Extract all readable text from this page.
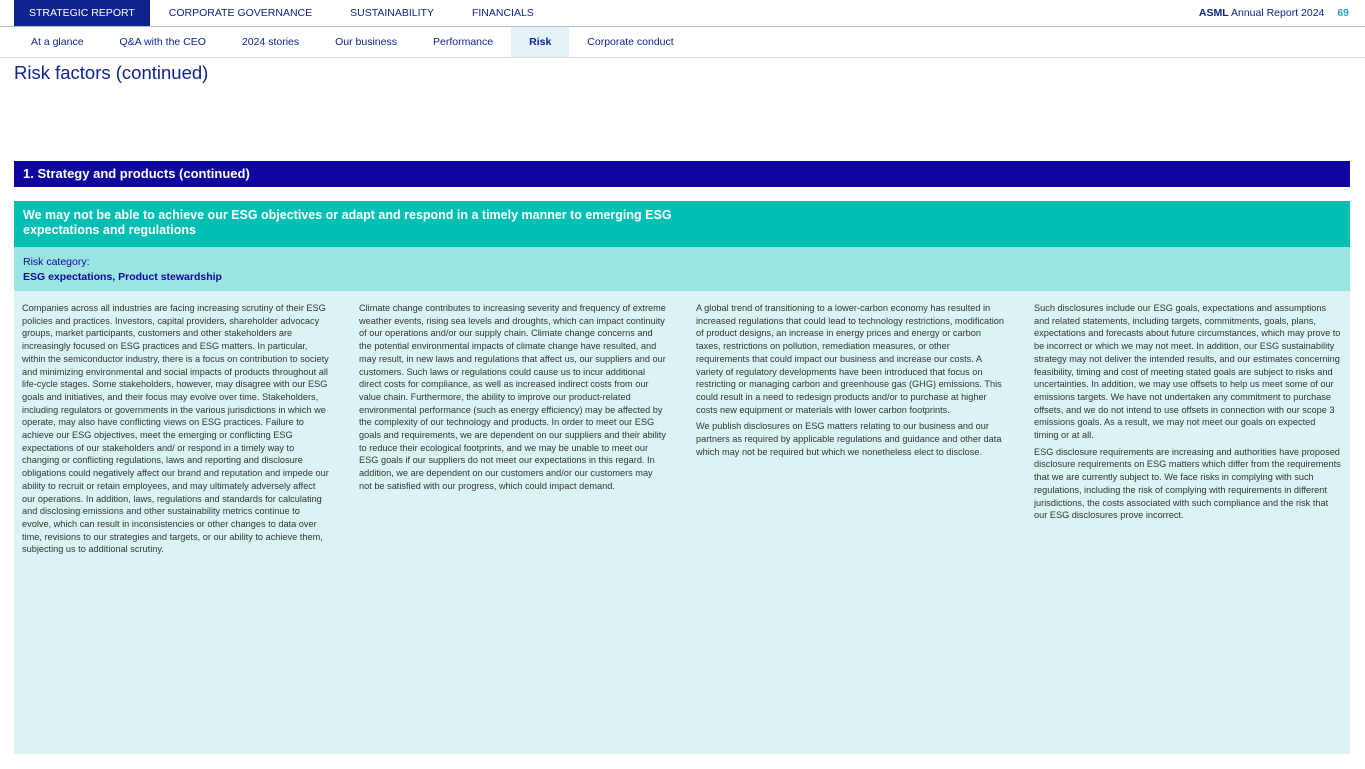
STRATEGIC REPORT	CORPORATE GOVERNANCE	SUSTAINABILITY	FINANCIALS	ASML Annual Report 2024 69
At a glance	Q&A with the CEO	2024 stories	Our business	Performance	Risk	Corporate conduct
Risk factors (continued)
1. Strategy and products (continued)
We may not be able to achieve our ESG objectives or adapt and respond in a timely manner to emerging ESG expectations and regulations
Risk category:
ESG expectations, Product stewardship

Companies across all industries are facing increasing scrutiny of their ESG policies and practices. Investors, capital providers, shareholder advocacy groups, market participants, customers and other stakeholders are increasingly focused on ESG practices and ESG matters. In particular, within the semiconductor industry, there is a focus on contribution to society and minimizing environmental and social impacts of products throughout all life-cycle stages. Some stakeholders, however, may disagree with our ESG goals and initiatives, and their focus may evolve over time. Stakeholders, including regulators or governments in the various jurisdictions in which we operate, may also have conflicting views on ESG practices. Failure to achieve our ESG objectives, meet the emerging or conflicting ESG expectations of our stakeholders and/ or respond in a timely way to changing or conflicting regulations, laws and reporting and disclosure obligations could negatively affect our brand and reputation and impede our ability to recruit or retain employees, and may ultimately adversely affect our operations. In addition, laws, regulations and standards for calculating and disclosing emissions and other sustainability metrics continue to evolve, which can result in inconsistencies or other changes to data over time, revisions to our strategies and targets, or our ability to achieve them, subjecting us to additional scrutiny.

Climate change contributes to increasing severity and frequency of extreme weather events, rising sea levels and droughts, which can impact continuity of our operations and/or our supply chain. Climate change concerns and the potential environmental impacts of climate change have resulted, and may result, in new laws and regulations that affect us, our suppliers and our customers. Such laws or regulations could cause us to incur additional direct costs for compliance, as well as increased indirect costs from our value chain. Furthermore, the ability to improve our product-related environmental performance (such as energy efficiency) may be affected by the complexity of our technology and products. In order to meet our ESG goals and requirements, we are dependent on our suppliers and their ability to reduce their ecological footprints, and we may be unable to meet our ESG goals if our suppliers do not meet our expectations in this regard. In addition, we are dependent on our customers and/or our customers may not be satisfied with our progress, which could impact demand.

A global trend of transitioning to a lower-carbon economy has resulted in increased regulations that could lead to technology restrictions, modification of product designs, an increase in energy prices and energy or carbon taxes, restrictions on pollution, remediation measures, or other requirements that could impact our business and increase our costs. A variety of regulatory developments have been introduced that focus on restricting or managing carbon and greenhouse gas (GHG) emissions. This could result in a need to redesign products and/or to purchase at higher costs new equipment or materials with lower carbon footprints.

We publish disclosures on ESG matters relating to our business and our partners as required by applicable regulations and guidance and other data which may not be required but which we nonetheless elect to disclose.

Such disclosures include our ESG goals, expectations and assumptions and related statements, including targets, commitments, goals, plans, expectations and forecasts about future circumstances, which may prove to be incorrect or which we may not meet. In addition, our ESG sustainability strategy may not deliver the intended results, and our estimates concerning feasibility, timing and cost of meeting stated goals are subject to risks and uncertainties. In addition, we may use offsets to help us meet some of our emissions targets. We have not undertaken any commitment to purchase offsets, and we do not intend to use offsets in connection with our scope 3 emissions goals. As a result, we may not meet our goals on expected timing or at all.

ESG disclosure requirements are increasing and authorities have proposed disclosure requirements on ESG matters which differ from the requirements that we are currently subject to. We face risks in complying with such regulations, including the risk of complying with requirements in different jurisdictions, the costs associated with such compliance and the risk that our ESG disclosures prove incorrect.
